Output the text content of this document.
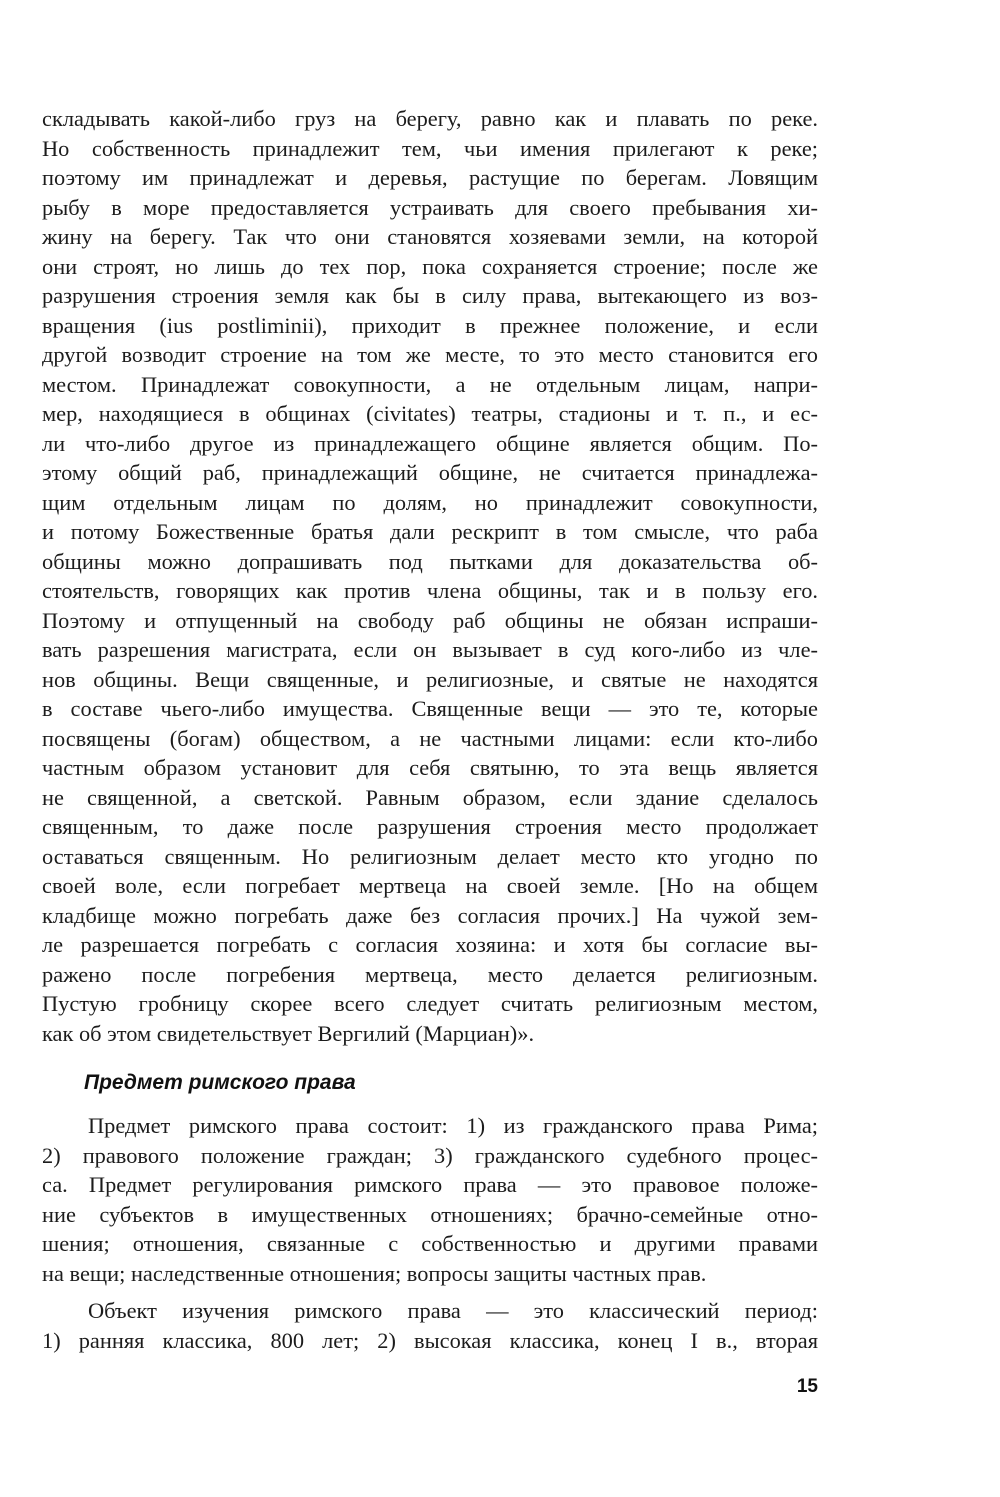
складывать какой-либо груз на берегу, равно как и плавать по реке.
Но собственность принадлежит тем, чьи имения прилегают к реке;
поэтому им принадлежат и деревья, растущие по берегам. Ловящим
рыбу в море предоставляется устраивать для своего пребывания хи-
жину на берегу. Так что они становятся хозяевами земли, на которой
они строят, но лишь до тех пор, пока сохраняется строение; после же
разрушения строения земля как бы в силу права, вытекающего из воз-
вращения (ius postliminii), приходит в прежнее положение, и если
другой возводит строение на том же месте, то это место становится его
местом. Принадлежат совокупности, а не отдельным лицам, напри-
мер, находящиеся в общинах (civitates) театры, стадионы и т. п., и ес-
ли что-либо другое из принадлежащего общине является общим. По-
этому общий раб, принадлежащий общине, не считается принадлежа-
щим отдельным лицам по долям, но принадлежит совокупности,
и потому Божественные братья дали рескрипт в том смысле, что раба
общины можно допрашивать под пытками для доказательства об-
стоятельств, говорящих как против члена общины, так и в пользу его.
Поэтому и отпущенный на свободу раб общины не обязан испраши-
вать разрешения магистрата, если он вызывает в суд кого-либо из чле-
нов общины. Вещи священные, и религиозные, и святые не находятся
в составе чьего-либо имущества. Священные вещи — это те, которые
посвящены (богам) обществом, а не частными лицами: если кто-либо
частным образом установит для себя святыню, то эта вещь является
не священной, а светской. Равным образом, если здание сделалось
священным, то даже после разрушения строения место продолжает
оставаться священным. Но религиозным делает место кто угодно по
своей воле, если погребает мертвеца на своей земле. [Но на общем
кладбище можно погребать даже без согласия прочих.] На чужой зем-
ле разрешается погребать с согласия хозяина: и хотя бы согласие вы-
ражено после погребения мертвеца, место делается религиозным.
Пустую гробницу скорее всего следует считать религиозным местом,
как об этом свидетельствует Вергилий (Марциан)».
Предмет римского права
Предмет римского права состоит: 1) из гражданского права Рима;
2) правового положение граждан; 3) гражданского судебного процес-
са. Предмет регулирования римского права — это правовое положе-
ние субъектов в имущественных отношениях; брачно-семейные отно-
шения; отношения, связанные с собственностью и другими правами
на вещи; наследственные отношения; вопросы защиты частных прав.
Объект изучения римского права — это классический период:
1) ранняя классика, 800 лет; 2) высокая классика, конец I в., вторая
15
